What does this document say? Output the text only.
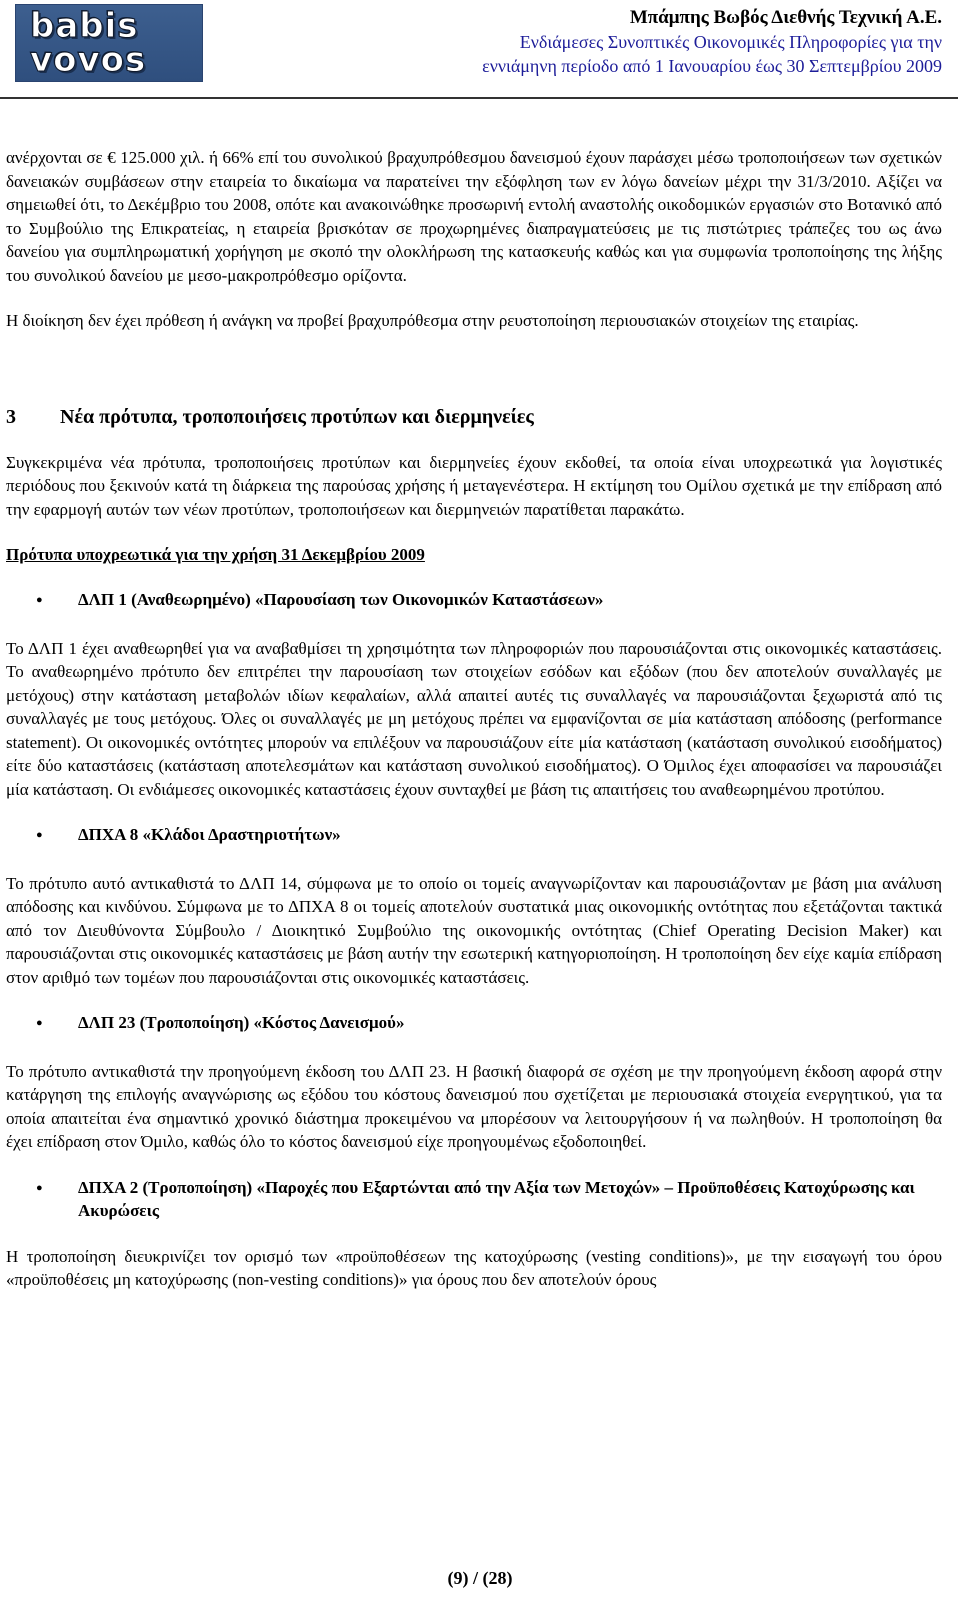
babis
vovos
Μπάμπης Βωβός Διεθνής Τεχνική Α.Ε.
Ενδιάμεσες Συνοπτικές Οικονομικές Πληροφορίες για την
εννιάμηνη περίοδο από 1 Ιανουαρίου έως 30 Σεπτεμβρίου 2009

ανέρχονται σε € 125.000 χιλ. ή 66% επί του συνολικού βραχυπρόθεσμου δανεισμού έχουν παράσχει μέσω τροποποιήσεων των σχετικών δανειακών συμβάσεων στην εταιρεία το δικαίωμα να παρατείνει την εξόφληση των εν λόγω δανείων μέχρι την 31/3/2010. Αξίζει να σημειωθεί ότι, το Δεκέμβριο του 2008, οπότε και ανακοινώθηκε προσωρινή εντολή αναστολής οικοδομικών εργασιών στο Βοτανικό από το Συμβούλιο της Επικρατείας, η εταιρεία βρισκόταν σε προχωρημένες διαπραγματεύσεις με τις πιστώτριες τράπεζες του ως άνω δανείου για συμπληρωματική χορήγηση με σκοπό την ολοκλήρωση της κατασκευής καθώς και για συμφωνία τροποποίησης της λήξης του συνολικού δανείου με μεσο-μακροπρόθεσμο ορίζοντα.

Η διοίκηση δεν έχει πρόθεση ή ανάγκη να προβεί βραχυπρόθεσμα στην ρευστοποίηση περιουσιακών στοιχείων της εταιρίας.

3	Νέα πρότυπα, τροποποιήσεις προτύπων και διερμηνείες

Συγκεκριμένα νέα πρότυπα, τροποποιήσεις προτύπων και διερμηνείες έχουν εκδοθεί, τα οποία είναι υποχρεωτικά για λογιστικές περιόδους που ξεκινούν κατά τη διάρκεια της παρούσας χρήσης ή μεταγενέστερα. Η εκτίμηση του Ομίλου σχετικά με την επίδραση από την εφαρμογή αυτών των νέων προτύπων, τροποποιήσεων και διερμηνειών παρατίθεται παρακάτω.

Πρότυπα υποχρεωτικά για την χρήση 31 Δεκεμβρίου 2009

●
ΔΛΠ 1 (Αναθεωρημένο) «Παρουσίαση των Οικονομικών Καταστάσεων»

Το ΔΛΠ 1 έχει αναθεωρηθεί για να αναβαθμίσει τη χρησιμότητα των πληροφοριών που παρουσιάζονται στις οικονομικές καταστάσεις. Το αναθεωρημένο πρότυπο δεν επιτρέπει την παρουσίαση των στοιχείων εσόδων και εξόδων (που δεν αποτελούν συναλλαγές με μετόχους) στην κατάσταση μεταβολών ιδίων κεφαλαίων, αλλά απαιτεί αυτές τις συναλλαγές να παρουσιάζονται ξεχωριστά από τις συναλλαγές με τους μετόχους. Όλες οι συναλλαγές με μη μετόχους πρέπει να εμφανίζονται σε μία κατάσταση απόδοσης (performance statement). Οι οικονομικές οντότητες μπορούν να επιλέξουν να παρουσιάζουν είτε μία κατάσταση (κατάσταση συνολικού εισοδήματος) είτε δύο καταστάσεις (κατάσταση αποτελεσμάτων και κατάσταση συνολικού εισοδήματος). Ο Όμιλος έχει αποφασίσει να παρουσιάζει μία κατάσταση. Οι ενδιάμεσες οικονομικές καταστάσεις έχουν συνταχθεί με βάση τις απαιτήσεις του αναθεωρημένου προτύπου.

●
ΔΠΧΑ 8 «Κλάδοι Δραστηριοτήτων»

Το πρότυπο αυτό αντικαθιστά το ΔΛΠ 14, σύμφωνα με το οποίο οι τομείς αναγνωρίζονταν και παρουσιάζονταν με βάση μια ανάλυση απόδοσης και κινδύνου. Σύμφωνα με το ΔΠΧΑ 8 οι τομείς αποτελούν συστατικά μιας οικονομικής οντότητας που εξετάζονται τακτικά από τον Διευθύνοντα Σύμβουλο / Διοικητικό Συμβούλιο της οικονομικής οντότητας (Chief Operating Decision Maker) και παρουσιάζονται στις οικονομικές καταστάσεις με βάση αυτήν την εσωτερική κατηγοριοποίηση. Η τροποποίηση δεν είχε καμία επίδραση στον αριθμό των τομέων που παρουσιάζονται στις οικονομικές καταστάσεις.

●
ΔΛΠ 23 (Τροποποίηση) «Κόστος Δανεισμού»

Το πρότυπο αντικαθιστά την προηγούμενη έκδοση του ΔΛΠ 23. Η βασική διαφορά σε σχέση με την προηγούμενη έκδοση αφορά στην κατάργηση της επιλογής αναγνώρισης ως εξόδου του κόστους δανεισμού που σχετίζεται με περιουσιακά στοιχεία ενεργητικού, για τα οποία απαιτείται ένα σημαντικό χρονικό διάστημα προκειμένου να μπορέσουν να λειτουργήσουν ή να πωληθούν. Η τροποποίηση θα έχει επίδραση στον Όμιλο, καθώς όλο το κόστος δανεισμού είχε προηγουμένως εξοδοποιηθεί.

●
ΔΠΧΑ 2 (Τροποποίηση) «Παροχές που Εξαρτώνται από την Αξία των Μετοχών» – Προϋποθέσεις Κατοχύρωσης και Ακυρώσεις

Η τροποποίηση διευκρινίζει τον ορισμό των «προϋποθέσεων της κατοχύρωσης (vesting conditions)», με την εισαγωγή του όρου «προϋποθέσεις μη κατοχύρωσης (non-vesting conditions)» για όρους που δεν αποτελούν όρους

(9) / (28)
